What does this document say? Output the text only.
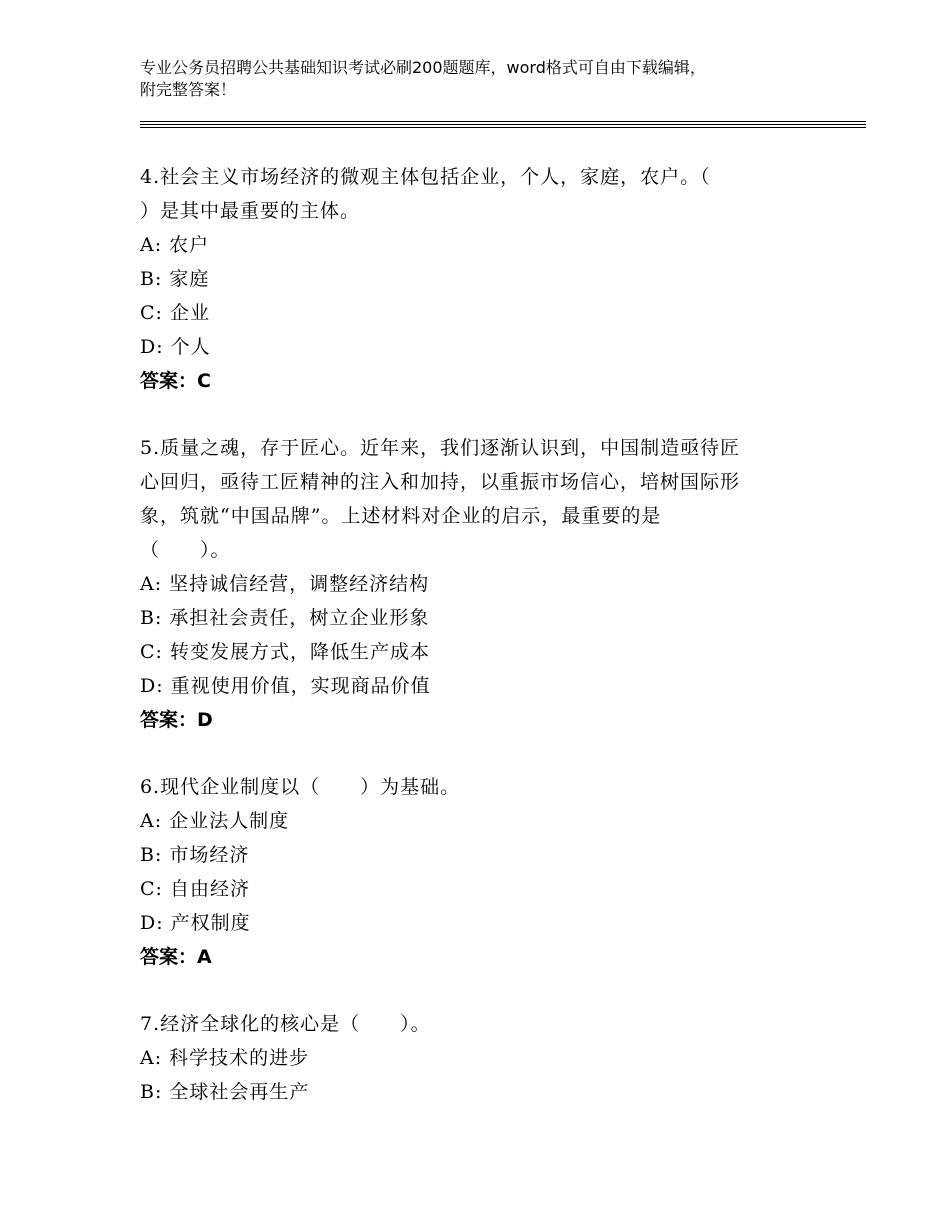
专业公务员招聘公共基础知识考试必刷200题题库，word格式可自由下载编辑，
附完整答案！
4.社会主义市场经济的微观主体包括企业，个人，家庭，农户。（
）是其中最重要的主体。
A: 农户
B: 家庭
C: 企业
D: 个人
答案：C
5.质量之魂，存于匠心。近年来，我们逐渐认识到，中国制造亟待匠
心回归，亟待工匠精神的注入和加持，以重振市场信心，培树国际形
象，筑就“中国品牌”。上述材料对企业的启示，最重要的是
（　　）。
A: 坚持诚信经营，调整经济结构
B: 承担社会责任，树立企业形象
C: 转变发展方式，降低生产成本
D: 重视使用价值，实现商品价值
答案：D
6.现代企业制度以（　　）为基础。
A: 企业法人制度
B: 市场经济
C: 自由经济
D: 产权制度
答案：A
7.经济全球化的核心是（　　）。
A: 科学技术的进步
B: 全球社会再生产
